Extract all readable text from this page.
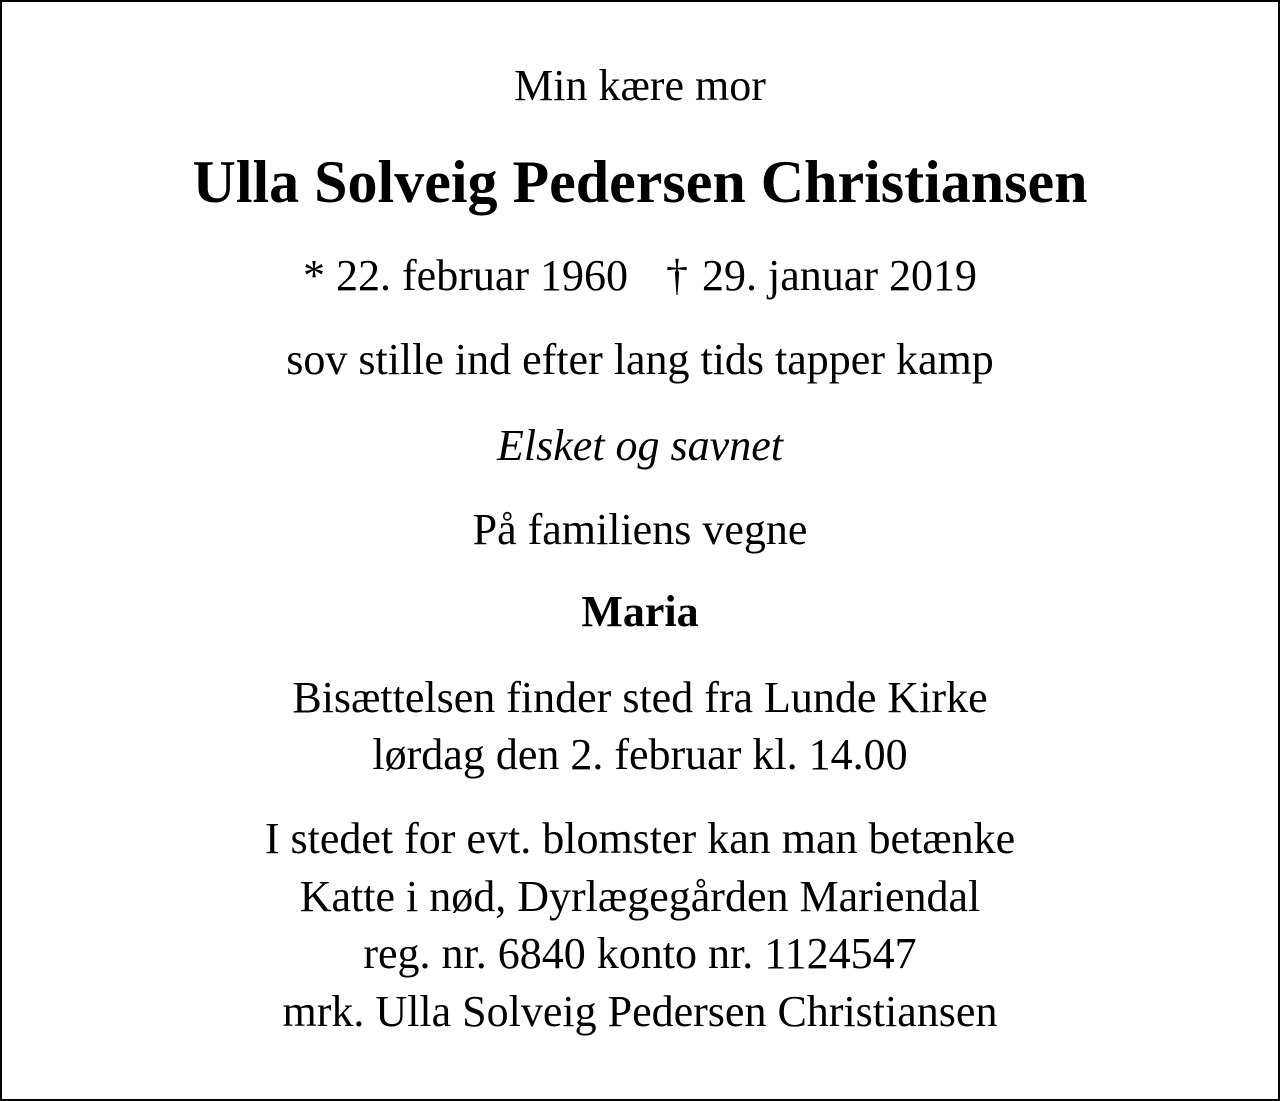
Min kære mor
Ulla Solveig Pedersen Christiansen
* 22. februar 1960 † 29. januar 2019
sov stille ind efter lang tids tapper kamp
Elsket og savnet
På familiens vegne
Maria
Bisættelsen finder sted fra Lunde Kirke
lørdag den 2. februar kl. 14.00
I stedet for evt. blomster kan man betænke
Katte i nød, Dyrlægegården Mariendal
reg. nr. 6840 konto nr. 1124547
mrk. Ulla Solveig Pedersen Christiansen
